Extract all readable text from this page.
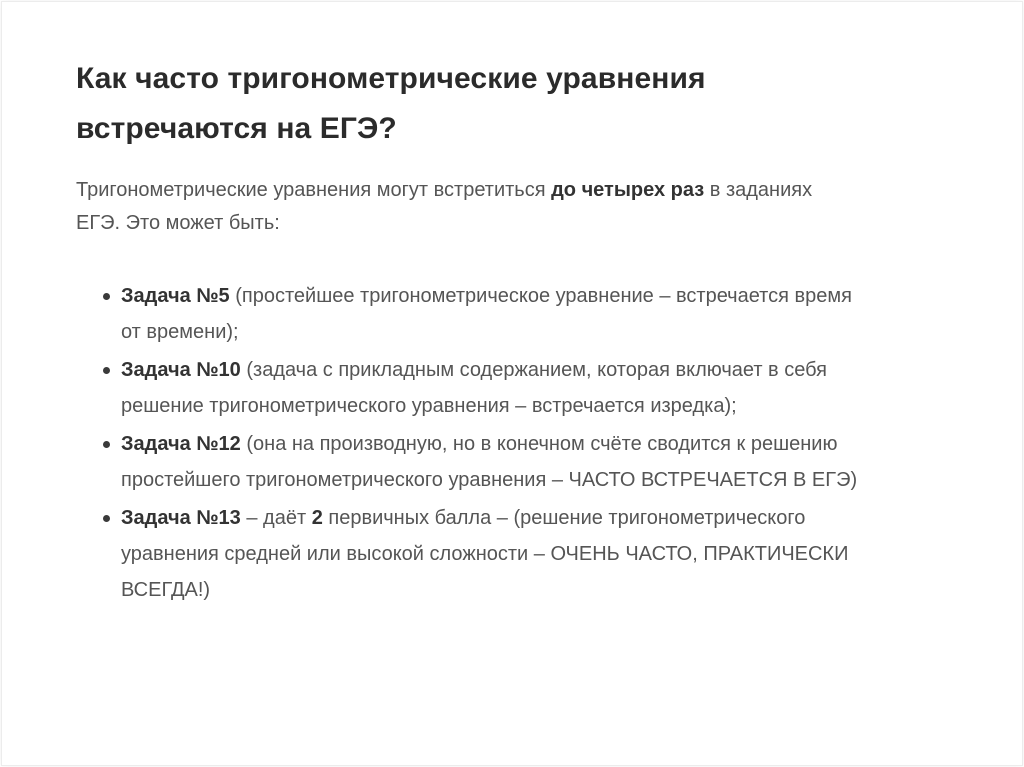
Как часто тригонометрические уравнения
встречаются на ЕГЭ?

Тригонометрические уравнения могут встретиться до четырех раз в заданиях
ЕГЭ. Это может быть:

Задача №5 (простейшее тригонометрическое уравнение – встречается время
от времени);
Задача №10 (задача с прикладным содержанием, которая включает в себя
решение тригонометрического уравнения – встречается изредка);
Задача №12 (она на производную, но в конечном счёте сводится к решению
простейшего тригонометрического уравнения – ЧАСТО ВСТРЕЧАЕТСЯ В ЕГЭ)
Задача №13 – даёт 2 первичных балла – (решение тригонометрического
уравнения средней или высокой сложности – ОЧЕНЬ ЧАСТО, ПРАКТИЧЕСКИ
ВСЕГДА!)
